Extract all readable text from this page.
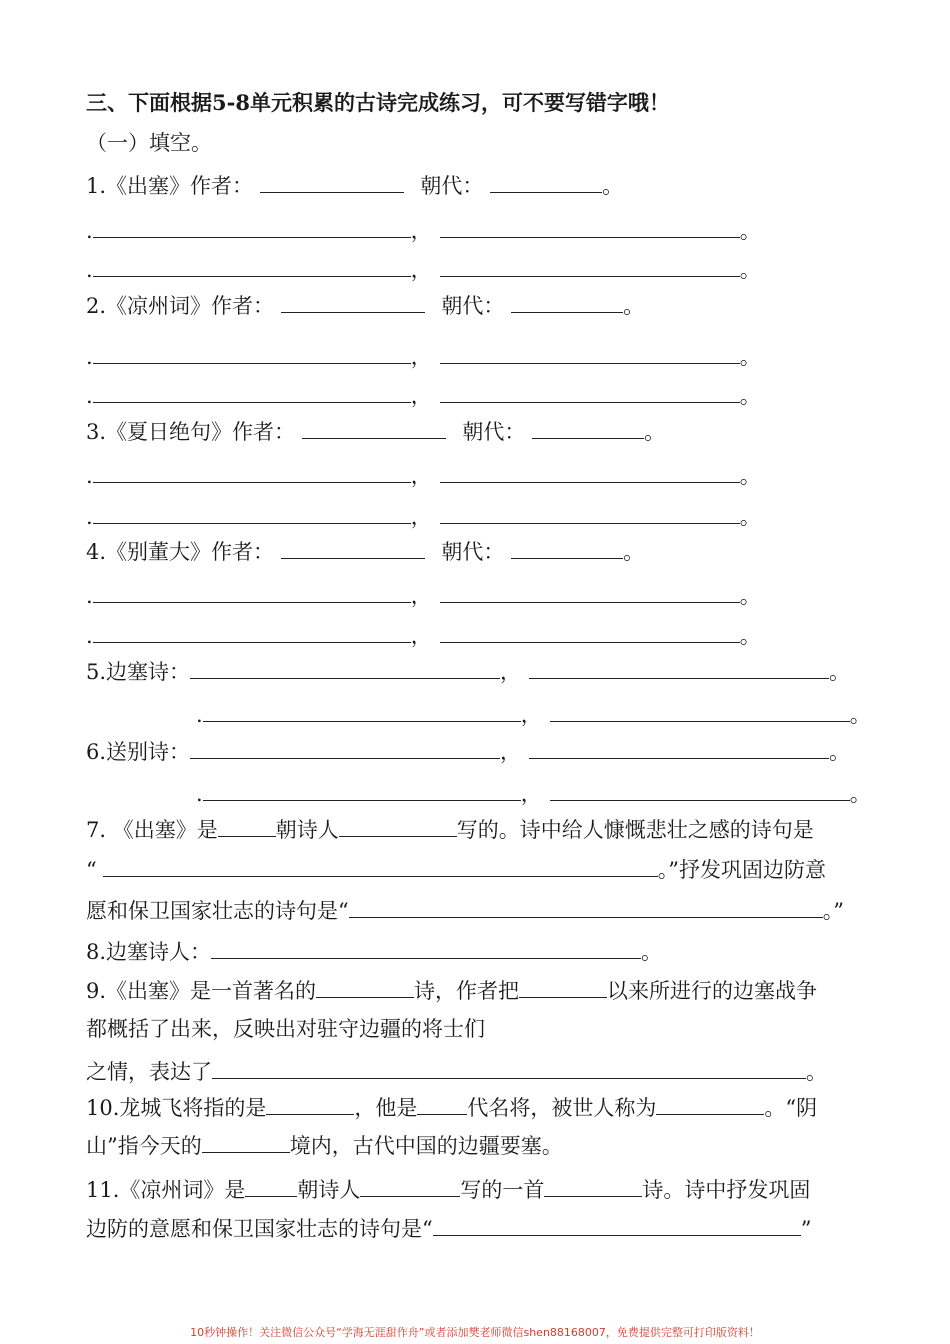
三、下面根据5-8单元积累的古诗完成练习，可不要写错字哦！
（一）填空。
1.《出塞》作者：	朝代：	。
.	，	。
.	，	。
2.《凉州词》作者：	朝代：	。
.	，	。
.	，	。
3.《夏日绝句》作者：	朝代：	。
.	，	。
.	，	。
4.《别董大》作者：	朝代：	。
.	，	。
.	，	。
5.边塞诗：	，	。
.	，	。
6.送别诗：	，	。
.	，	。
7. 《出塞》是	朝诗人	写的。诗中给人慷慨悲壮之感的诗句是
“	。”抒发巩固边防意
愿和保卫国家壮志的诗句是“	。”
8.边塞诗人：	。
9.《出塞》是一首著名的	诗，作者把	以来所进行的边塞战争
都概括了出来，反映出对驻守边疆的将士们
之情，表达了	。
10.龙城飞将指的是	，他是 代名将，被世人称为	。“阴
山”指今天的	境内，古代中国的边疆要塞。
11.《凉州词》是 朝诗人	写的一首	诗。诗中抒发巩固
边防的意愿和保卫国家壮志的诗句是“	”
10秒钟操作！关注微信公众号“学海无涯甜作舟”或者添加樊老师微信shen88168007，免费提供完整可打印版资料！
